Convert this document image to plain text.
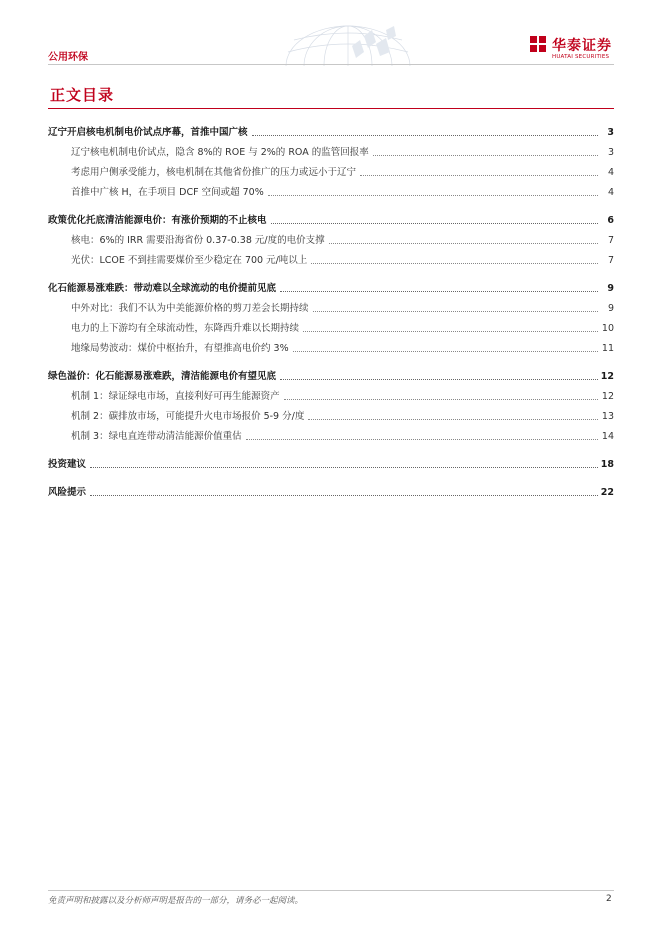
公用环保
华泰证券
HUATAI SECURITIES
正文目录
辽宁开启核电机制电价试点序幕，首推中国广核	3
辽宁核电机制电价试点，隐含 8%的 ROE 与 2%的 ROA 的监管回报率	3
考虑用户侧承受能力，核电机制在其他省份推广的压力或远小于辽宁	4
首推中广核 H，在手项目 DCF 空间或超 70%	4
政策优化托底清洁能源电价：有涨价预期的不止核电	6
核电：6%的 IRR 需要沿海省份 0.37-0.38 元/度的电价支撑	7
光伏：LCOE 不到挂需要煤价至少稳定在 700 元/吨以上	7
化石能源易涨难跌：带动难以全球流动的电价提前见底	9
中外对比：我们不认为中美能源价格的剪刀差会长期持续	9
电力的上下游均有全球流动性，东降西升难以长期持续	10
地缘局势波动：煤价中枢抬升，有望推高电价约 3%	11
绿色溢价：化石能源易涨难跌，清洁能源电价有望见底	12
机制 1：绿证绿电市场，直接利好可再生能源资产	12
机制 2：碳排放市场，可能提升火电市场报价 5-9 分/度	13
机制 3：绿电直连带动清洁能源价值重估	14
投资建议	18
风险提示	22
免责声明和披露以及分析师声明是报告的一部分，请务必一起阅读。	2
